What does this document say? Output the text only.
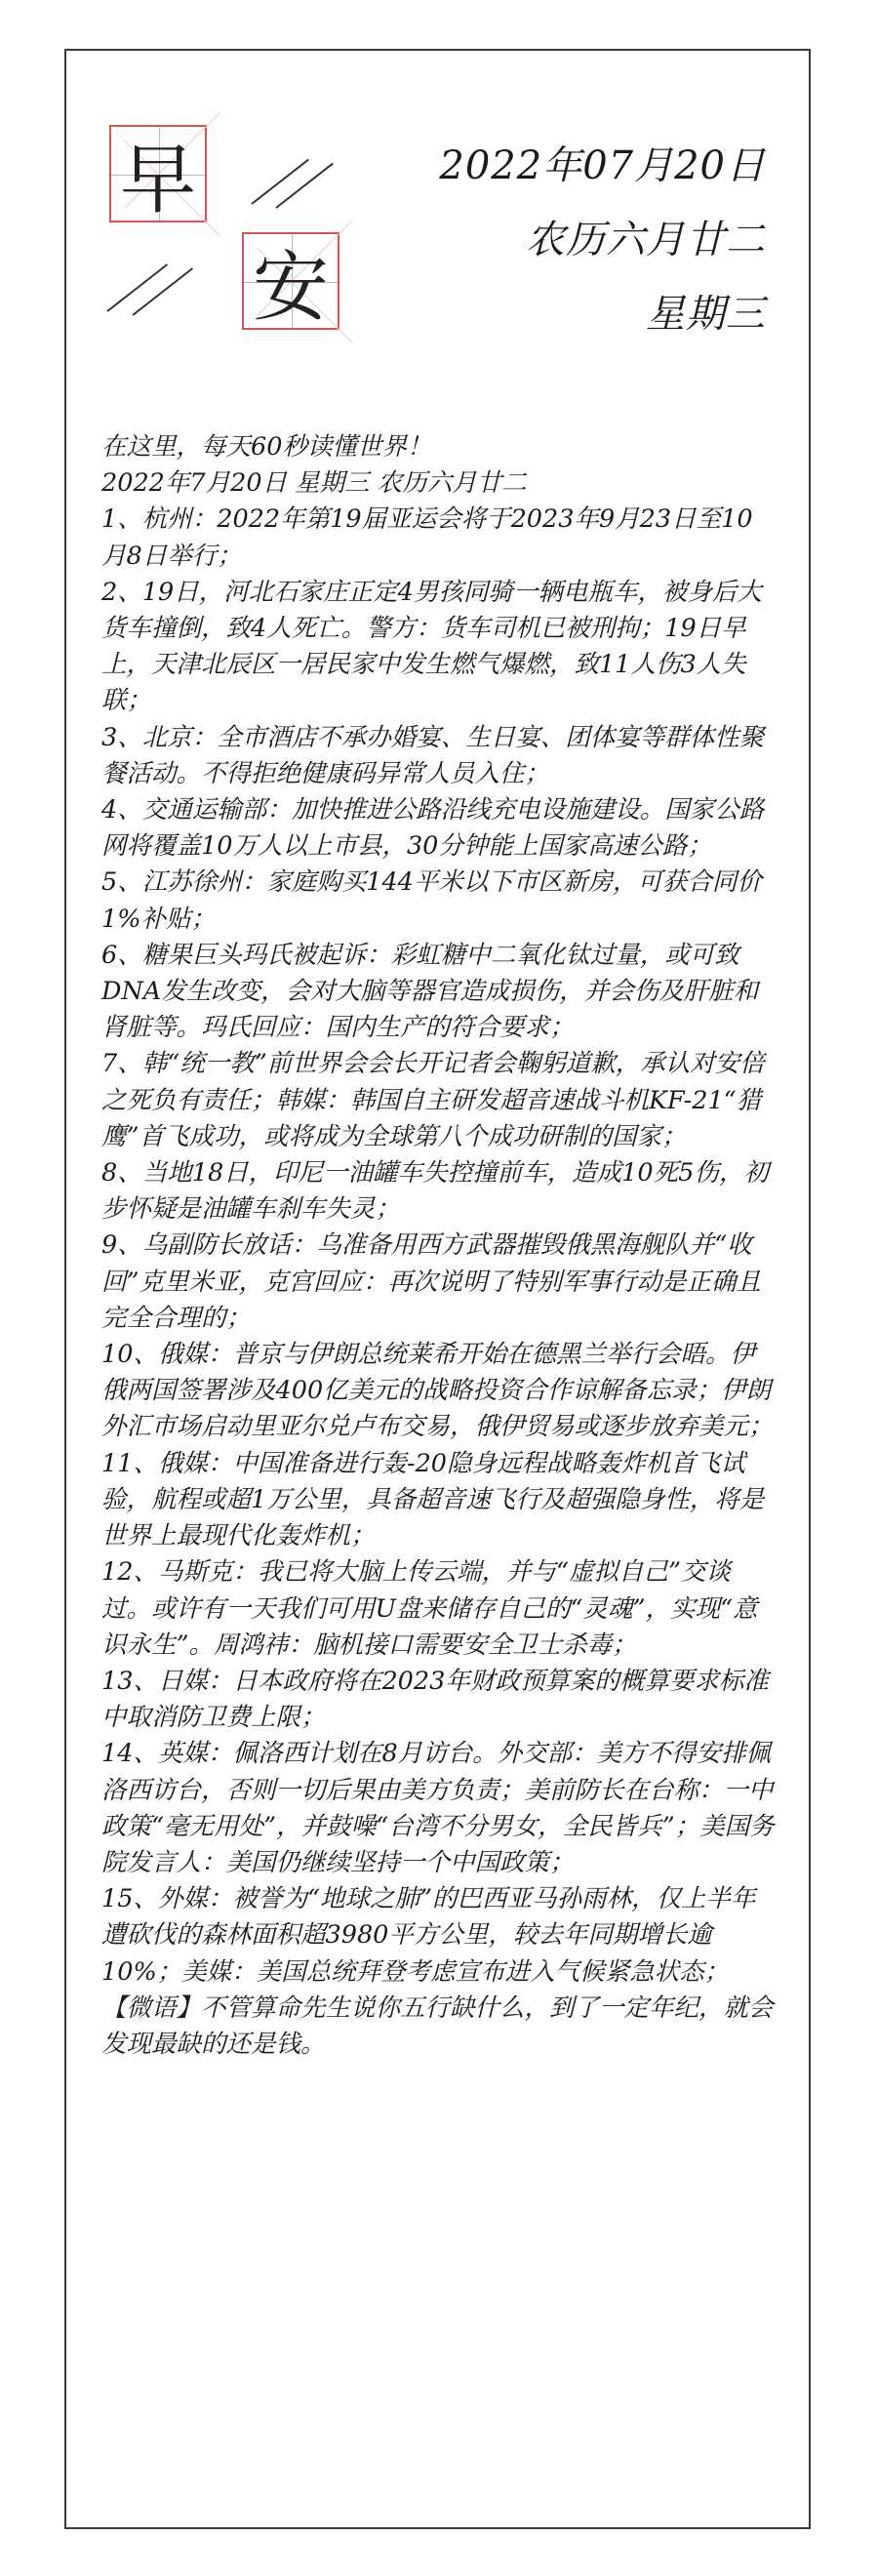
早
安
2022年07月20日
农历六月廿二
星期三

在这里，每天60秒读懂世界！

2022年7月20日 星期三 农历六月廿二

1、杭州：2022年第19届亚运会将于2023年9月23日至10月8日举行；

2、19日，河北石家庄正定4男孩同骑一辆电瓶车，被身后大货车撞倒，致4人死亡。警方：货车司机已被刑拘；19日早上，天津北辰区一居民家中发生燃气爆燃，致11人伤3人失联；

3、北京：全市酒店不承办婚宴、生日宴、团体宴等群体性聚餐活动。不得拒绝健康码异常人员入住；

4、交通运输部：加快推进公路沿线充电设施建设。国家公路网将覆盖10万人以上市县，30分钟能上国家高速公路；

5、江苏徐州：家庭购买144平米以下市区新房，可获合同价1%补贴；

6、糖果巨头玛氏被起诉：彩虹糖中二氧化钛过量，或可致DNA发生改变，会对大脑等器官造成损伤，并会伤及肝脏和肾脏等。玛氏回应：国内生产的符合要求；

7、韩“统一教”前世界会会长开记者会鞠躬道歉，承认对安倍之死负有责任；韩媒：韩国自主研发超音速战斗机KF-21“猎鹰”首飞成功，或将成为全球第八个成功研制的国家；

8、当地18日，印尼一油罐车失控撞前车，造成10死5伤，初步怀疑是油罐车刹车失灵；

9、乌副防长放话：乌准备用西方武器摧毁俄黑海舰队并“收回”克里米亚，克宫回应：再次说明了特别军事行动是正确且完全合理的；

10、俄媒：普京与伊朗总统莱希开始在德黑兰举行会晤。伊俄两国签署涉及400亿美元的战略投资合作谅解备忘录；伊朗外汇市场启动里亚尔兑卢布交易，俄伊贸易或逐步放弃美元；

11、俄媒：中国准备进行轰-20隐身远程战略轰炸机首飞试验，航程或超1万公里，具备超音速飞行及超强隐身性，将是世界上最现代化轰炸机；

12、马斯克：我已将大脑上传云端，并与“虚拟自己”交谈过。或许有一天我们可用U盘来储存自己的“灵魂”，实现“意识永生”。周鸿祎：脑机接口需要安全卫士杀毒；

13、日媒：日本政府将在2023年财政预算案的概算要求标准中取消防卫费上限；

14、英媒：佩洛西计划在8月访台。外交部：美方不得安排佩洛西访台，否则一切后果由美方负责；美前防长在台称：一中政策“毫无用处”，并鼓噪“台湾不分男女，全民皆兵”；美国务院发言人：美国仍继续坚持一个中国政策；

15、外媒：被誉为“地球之肺”的巴西亚马孙雨林，仅上半年遭砍伐的森林面积超3980平方公里，较去年同期增长逾10%；美媒：美国总统拜登考虑宣布进入气候紧急状态；

【微语】不管算命先生说你五行缺什么，到了一定年纪，就会发现最缺的还是钱。
